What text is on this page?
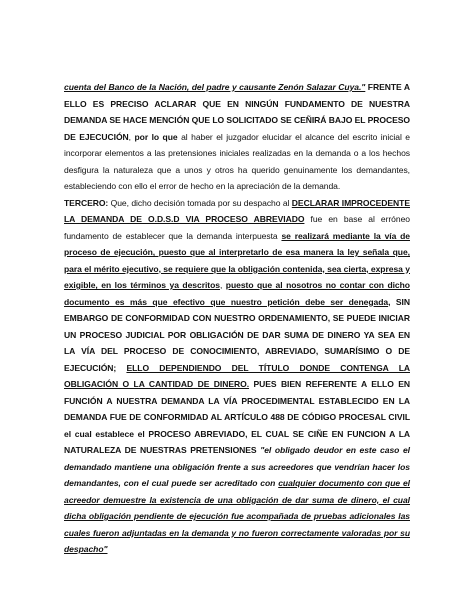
cuenta del Banco de la Nación, del padre y causante Zenón Salazar Cuya." FRENTE A ELLO ES PRECISO ACLARAR QUE EN NINGÚN FUNDAMENTO DE NUESTRA DEMANDA SE HACE MENCIÓN QUE LO SOLICITADO SE CEÑIRÁ BAJO EL PROCESO DE EJECUCIÓN, por lo que al haber el juzgador elucidar el alcance del escrito inicial e incorporar elementos a las pretensiones iniciales realizadas en la demanda o a los hechos desfigura la naturaleza que a unos y otros ha querido genuinamente los demandantes, estableciendo con ello el error de hecho en la apreciación de la demanda.

TERCERO: Que, dicho decisión tomada por su despacho al DECLARAR IMPROCEDENTE LA DEMANDA DE O.D.S.D VIA PROCESO ABREVIADO fue en base al erróneo fundamento de establecer que la demanda interpuesta se realizará mediante la vía de proceso de ejecución, puesto que al interpretarlo de esa manera la ley señala que, para el mérito ejecutivo, se requiere que la obligación contenida, sea cierta, expresa y exigible, en los términos ya descritos, puesto que al nosotros no contar con dicho documento es más que efectivo que nuestro petición debe ser denegada, SIN EMBARGO DE CONFORMIDAD CON NUESTRO ORDENAMIENTO, SE PUEDE INICIAR UN PROCESO JUDICIAL POR OBLIGACIÓN DE DAR SUMA DE DINERO YA SEA EN LA VÍA DEL PROCESO DE CONOCIMIENTO, ABREVIADO, SUMARÍSIMO O DE EJECUCIÓN; ELLO DEPENDIENDO DEL TÍTULO DONDE CONTENGA LA OBLIGACIÓN O LA CANTIDAD DE DINERO. PUES BIEN REFERENTE A ELLO EN FUNCIÓN A NUESTRA DEMANDA LA VÍA PROCEDIMENTAL ESTABLECIDO EN LA DEMANDA FUE DE CONFORMIDAD AL ARTÍCULO 488 DE CÓDIGO PROCESAL CIVIL el cual establece el PROCESO ABREVIADO, EL CUAL SE CIÑE EN FUNCION A LA NATURALEZA DE NUESTRAS PRETENSIONES "el obligado deudor en este caso el demandado mantiene una obligación frente a sus acreedores que vendrían hacer los demandantes, con el cual puede ser acreditado con cualquier documento con que el acreedor demuestre la existencia de una obligación de dar suma de dinero, el cual dicha obligación pendiente de ejecución fue acompañada de pruebas adicionales las cuales fueron adjuntadas en la demanda y no fueron correctamente valoradas por su despacho"
